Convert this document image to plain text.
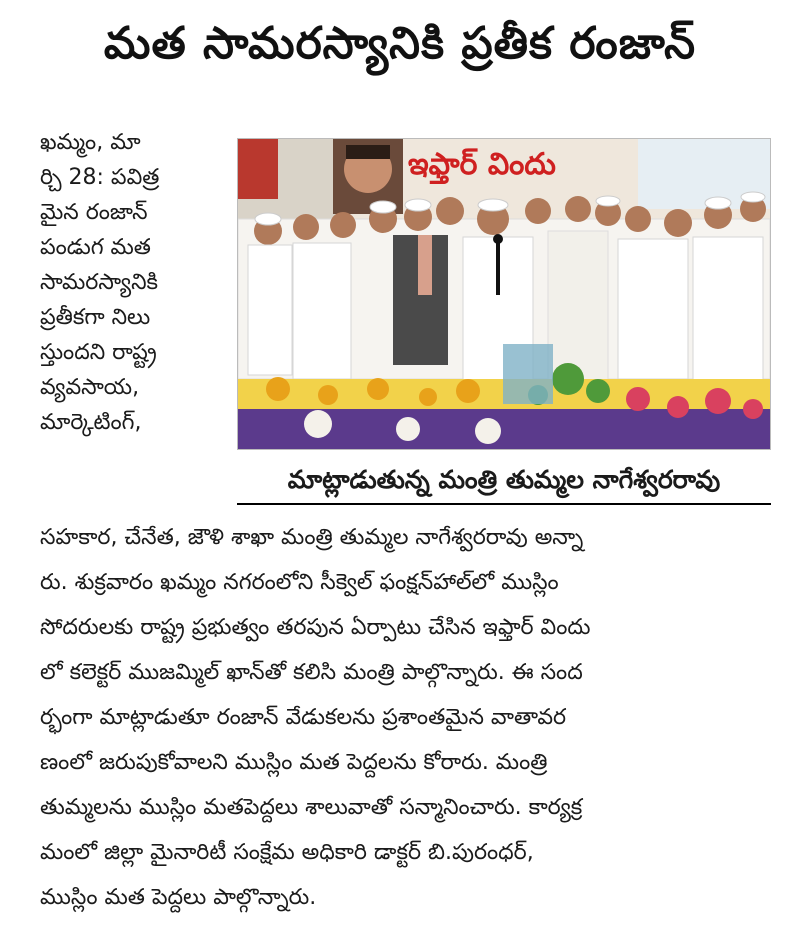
మత సామరస్యానికి ప్రతీక రంజాన్
ఖమ్మం, మా
ర్చి 28: పవిత్ర
మైన రంజాన్
పండుగ మత
సామరస్యానికి
ప్రతీకగా నిలు
స్తుందని రాష్ట్ర
వ్యవసాయ,
మార్కెటింగ్,
ఇఫ్తార్ విందు
మాట్లాడుతున్న మంత్రి తుమ్మల నాగేశ్వరరావు
సహకార, చేనేత, జౌళి శాఖా మంత్రి తుమ్మల నాగేశ్వరరావు అన్నా
రు. శుక్రవారం ఖమ్మం నగరంలోని సీక్వెల్ ఫంక్షన్‌హాల్‌లో ముస్లిం
సోదరులకు రాష్ట్ర ప్రభుత్వం తరపున ఏర్పాటు చేసిన ఇఫ్తార్ విందు
లో కలెక్టర్ ముజమ్మిల్ ఖాన్‌తో కలిసి మంత్రి పాల్గొన్నారు. ఈ సంద
ర్భంగా మాట్లాడుతూ రంజాన్ వేడుకలను ప్రశాంతమైన వాతావర
ణంలో జరుపుకోవాలని ముస్లిం మత పెద్దలను కోరారు. మంత్రి
తుమ్మలను ముస్లిం మతపెద్దలు శాలువాతో సన్మానించారు. కార్యక్ర
మంలో జిల్లా మైనారిటీ సంక్షేమ అధికారి డాక్టర్ బి.పురంధర్,
ముస్లిం మత పెద్దలు పాల్గొన్నారు.
